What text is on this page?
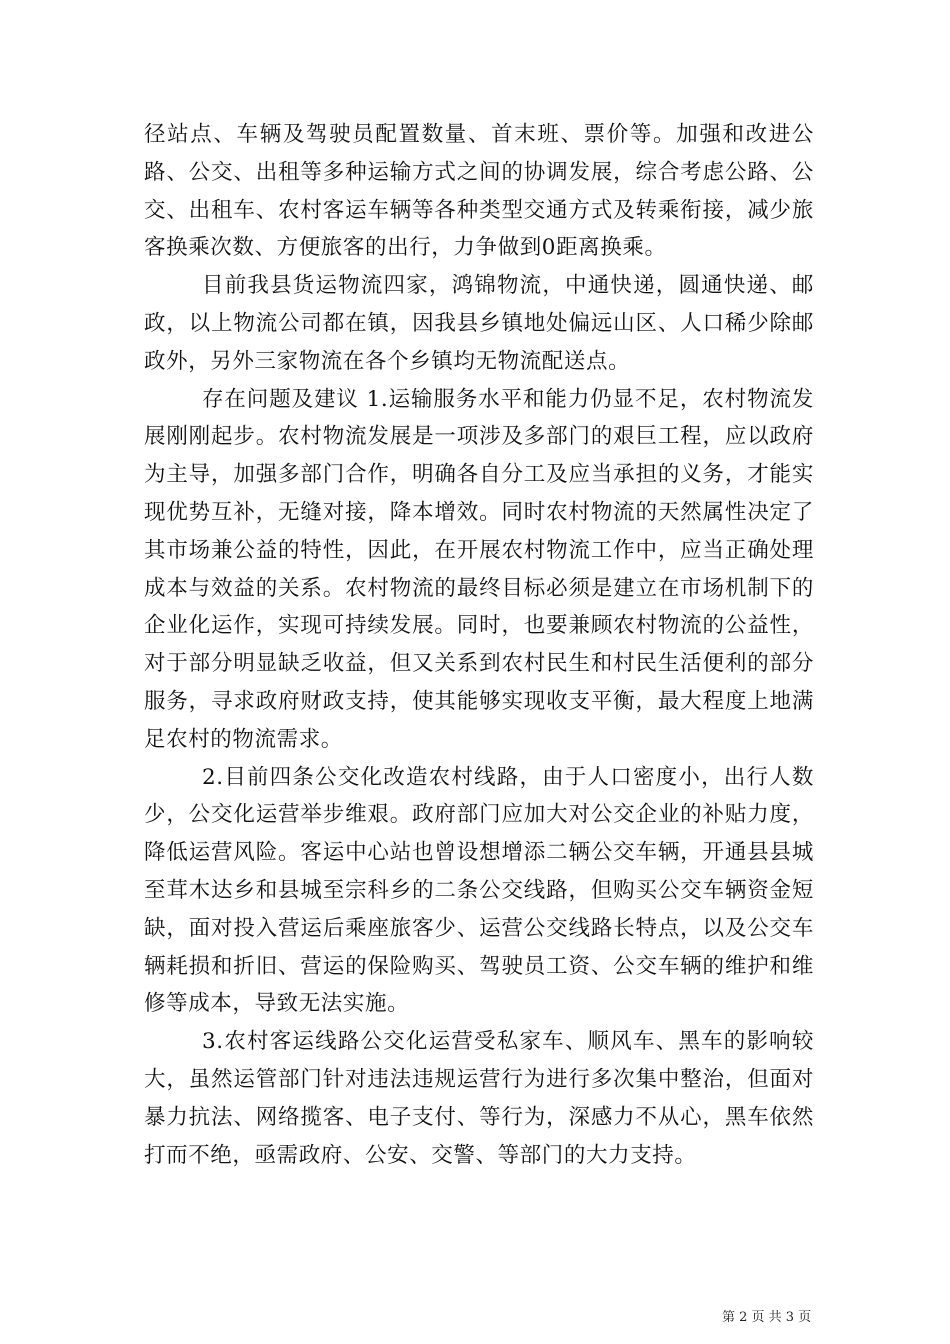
径站点、车辆及驾驶员配置数量、首末班、票价等。加强和改进公路、公交、出租等多种运输方式之间的协调发展，综合考虑公路、公交、出租车、农村客运车辆等各种类型交通方式及转乘衔接，减少旅客换乘次数、方便旅客的出行，力争做到0距离换乘。

目前我县货运物流四家，鸿锦物流，中通快递，圆通快递、邮政，以上物流公司都在镇，因我县乡镇地处偏远山区、人口稀少除邮政外，另外三家物流在各个乡镇均无物流配送点。

存在问题及建议 1.运输服务水平和能力仍显不足，农村物流发展刚刚起步。农村物流发展是一项涉及多部门的艰巨工程，应以政府为主导，加强多部门合作，明确各自分工及应当承担的义务，才能实现优势互补，无缝对接，降本增效。同时农村物流的天然属性决定了其市场兼公益的特性，因此，在开展农村物流工作中，应当正确处理成本与效益的关系。农村物流的最终目标必须是建立在市场机制下的企业化运作，实现可持续发展。同时，也要兼顾农村物流的公益性，对于部分明显缺乏收益，但又关系到农村民生和村民生活便利的部分服务，寻求政府财政支持，使其能够实现收支平衡，最大程度上地满足农村的物流需求。

2.目前四条公交化改造农村线路，由于人口密度小，出行人数少，公交化运营举步维艰。政府部门应加大对公交企业的补贴力度，降低运营风险。客运中心站也曾设想增添二辆公交车辆，开通县县城至茸木达乡和县城至宗科乡的二条公交线路，但购买公交车辆资金短缺，面对投入营运后乘座旅客少、运营公交线路长特点，以及公交车辆耗损和折旧、营运的保险购买、驾驶员工资、公交车辆的维护和维修等成本，导致无法实施。

3.农村客运线路公交化运营受私家车、顺风车、黑车的影响较大，虽然运管部门针对违法违规运营行为进行多次集中整治，但面对暴力抗法、网络揽客、电子支付、等行为，深感力不从心，黑车依然打而不绝，亟需政府、公安、交警、等部门的大力支持。

第 2 页 共 3 页
